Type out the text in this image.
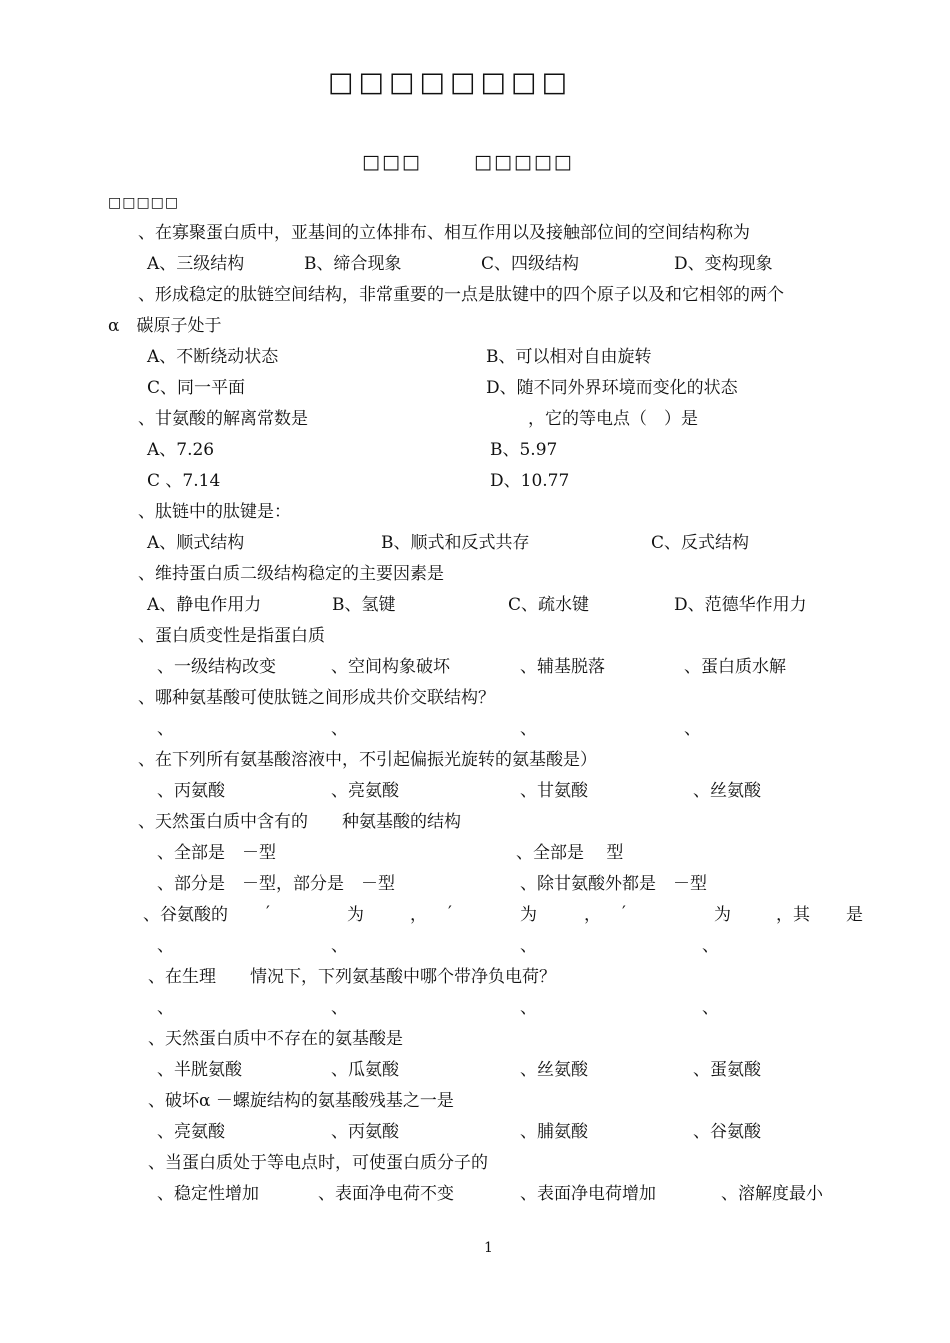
□□□□□□□□
□□□	□□□□□
□□□□□
、在寡聚蛋白质中，亚基间的立体排布、相互作用以及接触部位间的空间结构称为
A、三级结构	B、缔合现象	C、四级结构	D、变构现象
、形成稳定的肽链空间结构，非常重要的一点是肽键中的四个原子以及和它相邻的两个
α　碳原子处于
A、不断绕动状态	B、可以相对自由旋转
C、同一平面	D、随不同外界环境而变化的状态
、甘氨酸的解离常数是	，它的等电点（　）是
A、7.26	B、5.97
C 、7.14	D、10.77
、肽链中的肽键是：
A、顺式结构	B、顺式和反式共存	C、反式结构
、维持蛋白质二级结构稳定的主要因素是
A、静电作用力	B、氢键	C、疏水键	D、范德华作用力
、蛋白质变性是指蛋白质
、一级结构改变	、空间构象破坏	、辅基脱落	、蛋白质水解
、哪种氨基酸可使肽链之间形成共价交联结构？
、	、	、	、
、在下列所有氨基酸溶液中，不引起偏振光旋转的氨基酸是）
、丙氨酸	、亮氨酸	、甘氨酸	、丝氨酸
、天然蛋白质中含有的　　种氨基酸的结构
、全部是　－型	、全部是　 型
、部分是　－型，部分是　－型	、除甘氨酸外都是　－型
、谷氨酸的 ′	为	， ′	为	， ′	为	，其 是
、	、	、	、
、在生理　　情况下，下列氨基酸中哪个带净负电荷？
、	、	、	、
、天然蛋白质中不存在的氨基酸是
、半胱氨酸	、瓜氨酸	、丝氨酸	、蛋氨酸
、破坏α －螺旋结构的氨基酸残基之一是
、亮氨酸	、丙氨酸	、脯氨酸	、谷氨酸
、当蛋白质处于等电点时，可使蛋白质分子的
、稳定性增加	、表面净电荷不变	、表面净电荷增加	、溶解度最小
1
